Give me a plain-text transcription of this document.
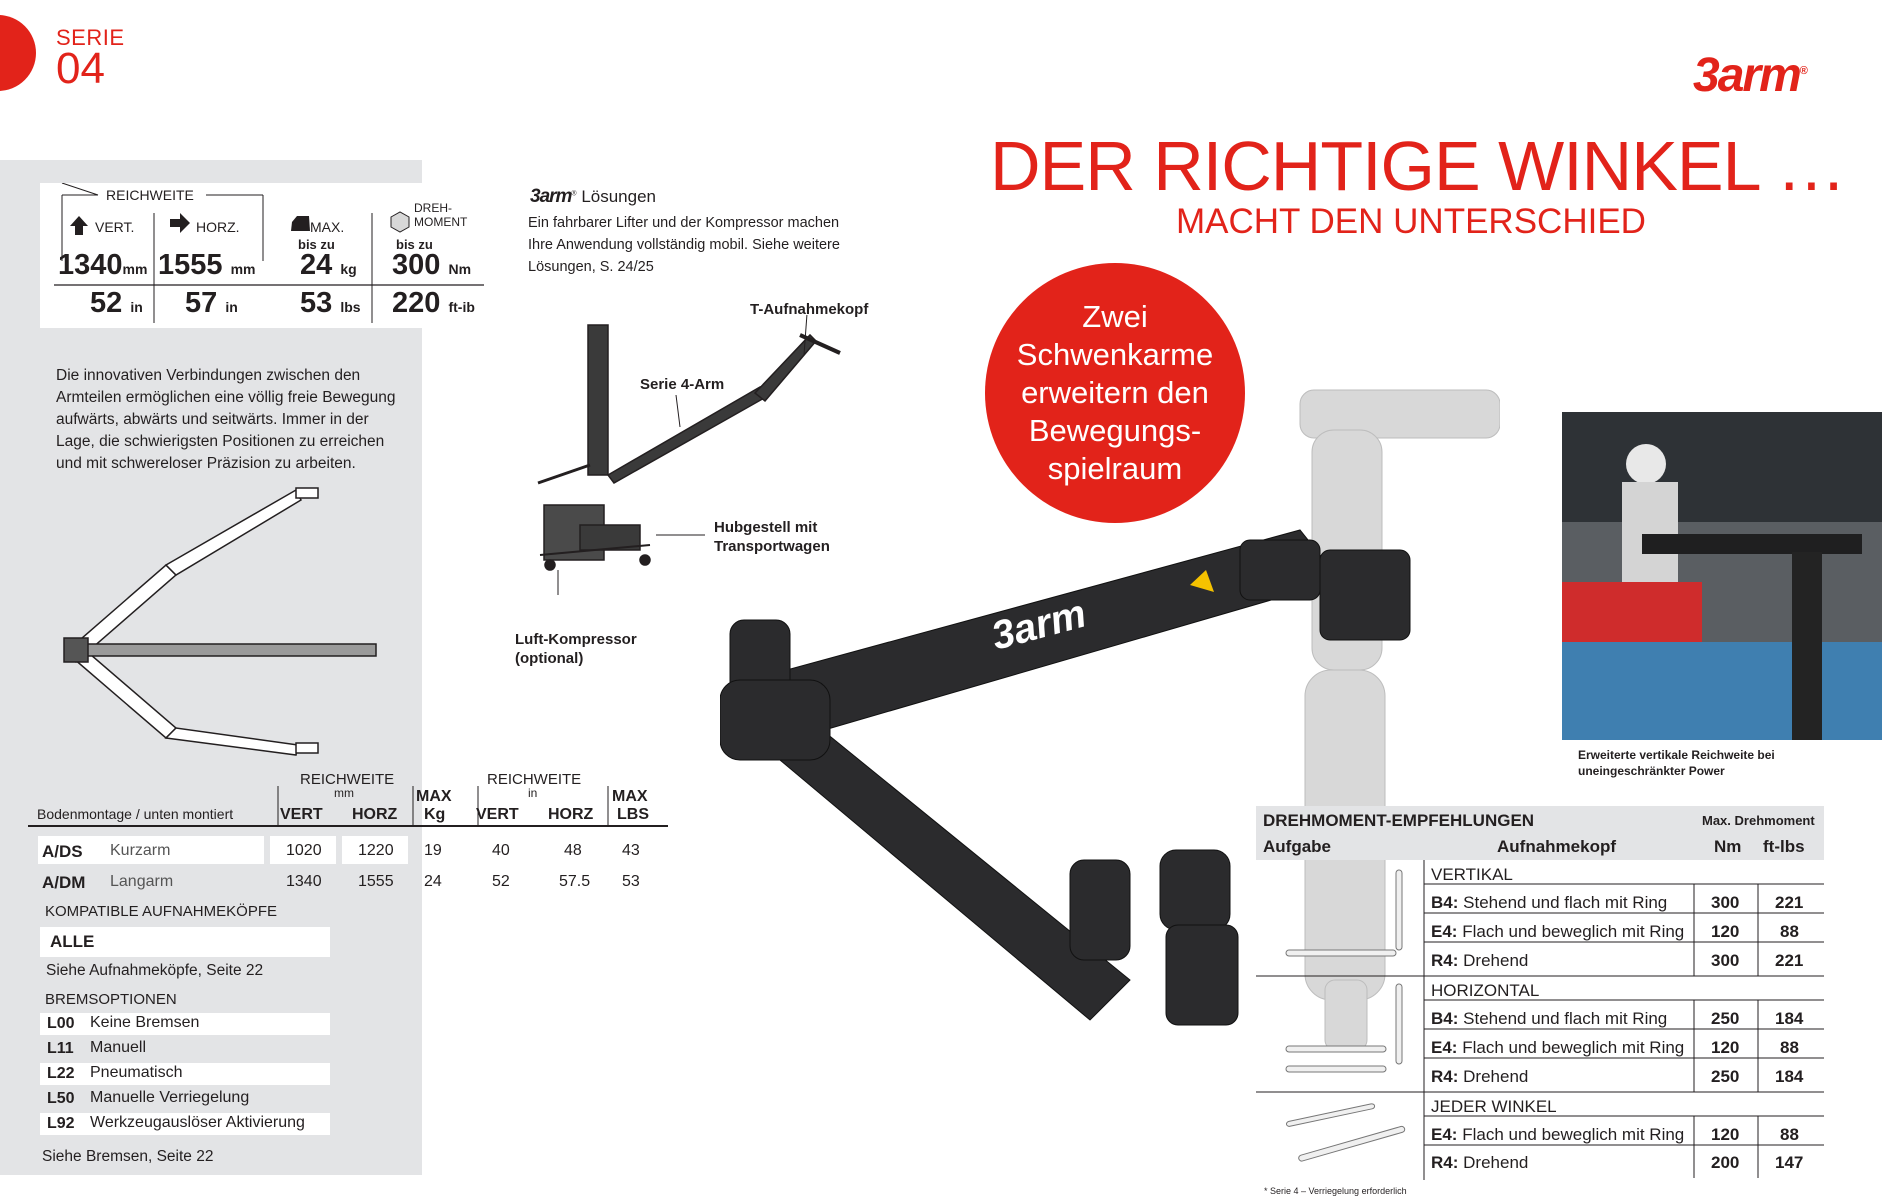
SERIE
04	3arm®
DER RICHTIGE WINKEL …
MACHT DEN UNTERSCHIED
REICHWEITE
VERT.	HORZ.	MAX.
bis zu
DREH-
MOMENT
bis zu
1340mm 1555 mm 24 kg 300 Nm
52 in 57 in 53 lbs 220 ft-ib
Die innovativen Verbindungen zwischen den Armteilen ermöglichen eine völlig freie Bewegung aufwärts, abwärts und seitwärts. Immer in der Lage, die schwierigsten Positionen zu erreichen und mit schwereloser Präzision zu arbeiten.
3arm® Lösungen
Ein fahrbarer Lifter und der Kompressor machen Ihre Anwendung vollständig mobil. Siehe weitere Lösungen, S. 24/25
T-Aufnahmekopf
Serie 4-Arm
Hubgestell mit Transportwagen
Luft-Kompressor (optional)	3arm
Zwei
Schwenkarme
erweitern den
Bewegungs-
spielraum
Erweiterte vertikale Reichweite bei uneingeschränkter Power
REICHWEITE
mm
REICHWEITE
in
Bodenmontage / unten montiert	VERT HORZ
MAX
Kg VERT HORZ
MAX
LBS
A/DS Kurzarm	1020 1220 19	40	48	43
A/DM Langarm	1340 1555 24	52	57.5 53
KOMPATIBLE AUFNAHMEKÖPFE
ALLE
Siehe Aufnahmeköpfe, Seite 22
BREMSOPTIONEN
L00 Keine Bremsen
L11 Manuell
L22 Pneumatisch
L50 Manuelle Verriegelung
L92 Werkzeugauslöser Aktivierung
Siehe Bremsen, Seite 22
DREHMOMENT-EMPFEHLUNGEN	Max. Drehmoment
Aufgabe	Aufnahmekopf	Nm ft-lbs
VERTIKAL
B4: Stehend und flach mit Ring	300 221
E4: Flach und beweglich mit Ring 120 88
R4: Drehend	300 221
HORIZONTAL
B4: Stehend und flach mit Ring	250 184
E4: Flach und beweglich mit Ring 120 88
R4: Drehend	250 184
JEDER WINKEL
E4: Flach und beweglich mit Ring 120 88
R4: Drehend	200 147
* Serie 4 – Verriegelung erforderlich
